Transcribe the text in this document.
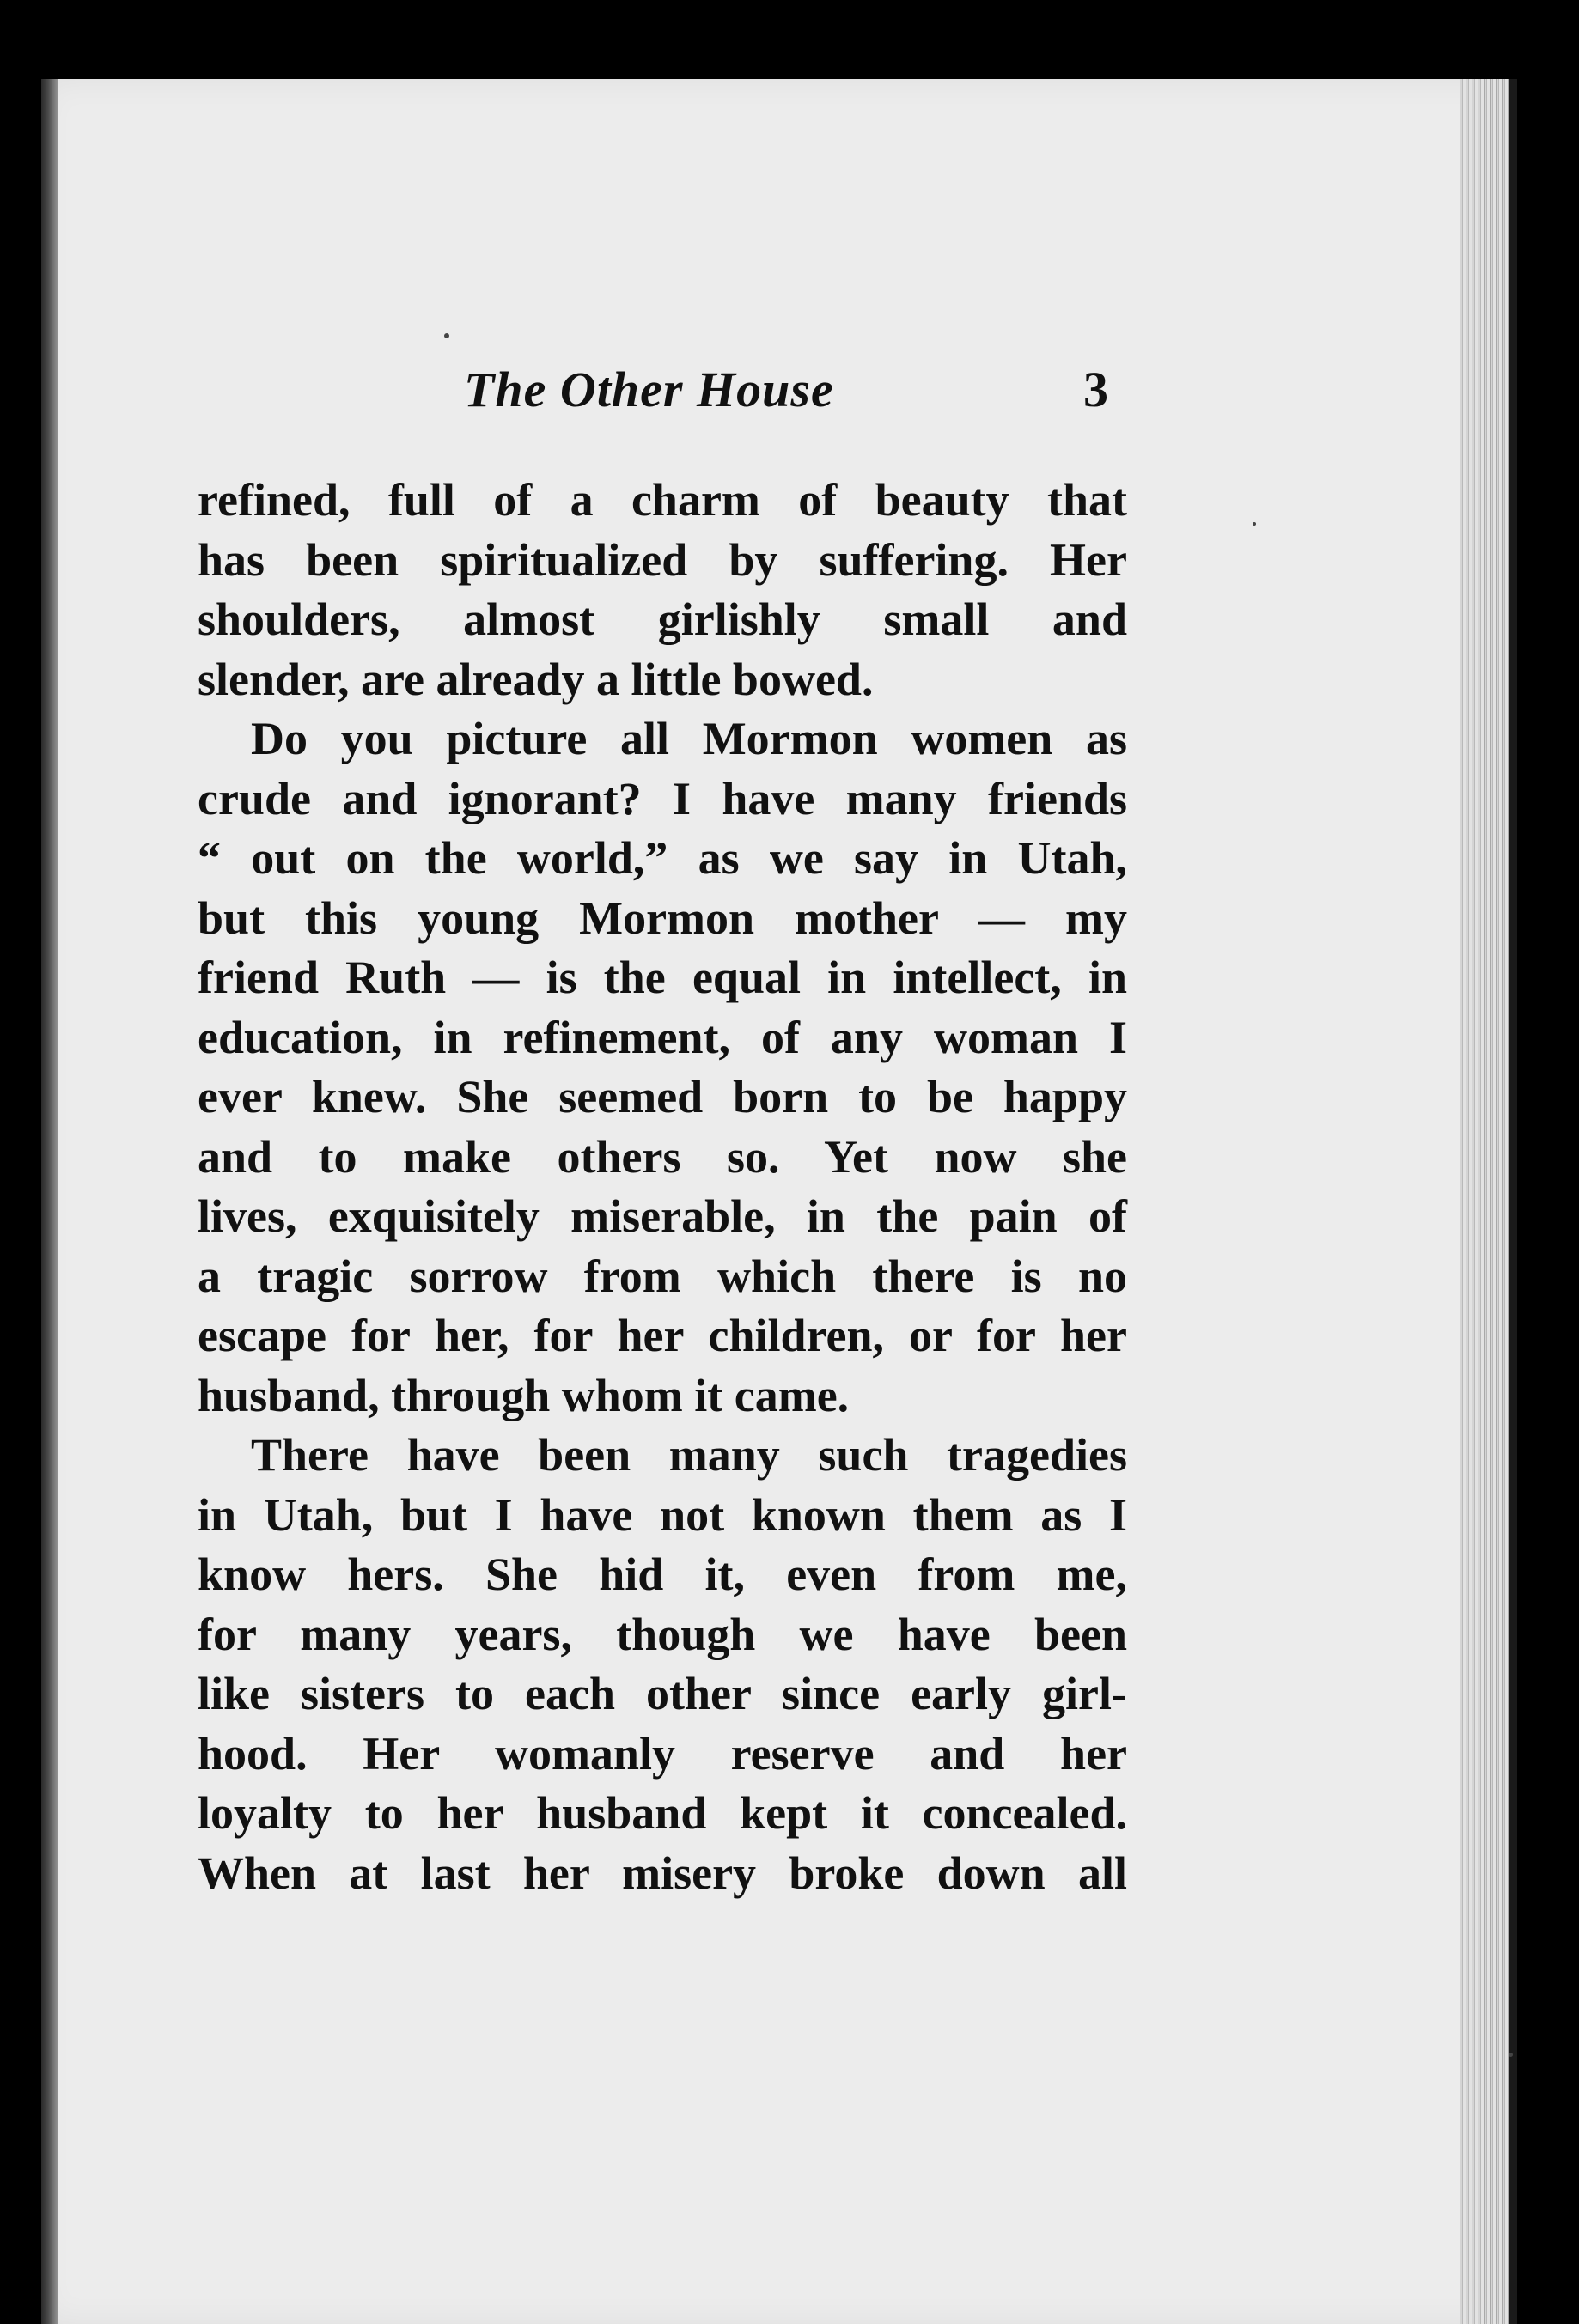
The Other House	3
refined, full of a charm of beauty that
has been spiritualized by suffering. Her
shoulders, almost girlishly small and
slender, are already a little bowed.
Do you picture all Mormon women as
crude and ignorant? I have many friends
“ out on the world,” as we say in Utah,
but this young Mormon mother — my
friend Ruth — is the equal in intellect, in
education, in refinement, of any woman I
ever knew. She seemed born to be happy
and to make others so. Yet now she
lives, exquisitely miserable, in the pain of
a tragic sorrow from which there is no
escape for her, for her children, or for her
husband, through whom it came.
There have been many such tragedies
in Utah, but I have not known them as I
know hers. She hid it, even from me,
for many years, though we have been
like sisters to each other since early girl-
hood. Her womanly reserve and her
loyalty to her husband kept it concealed.
When at last her misery broke down all
